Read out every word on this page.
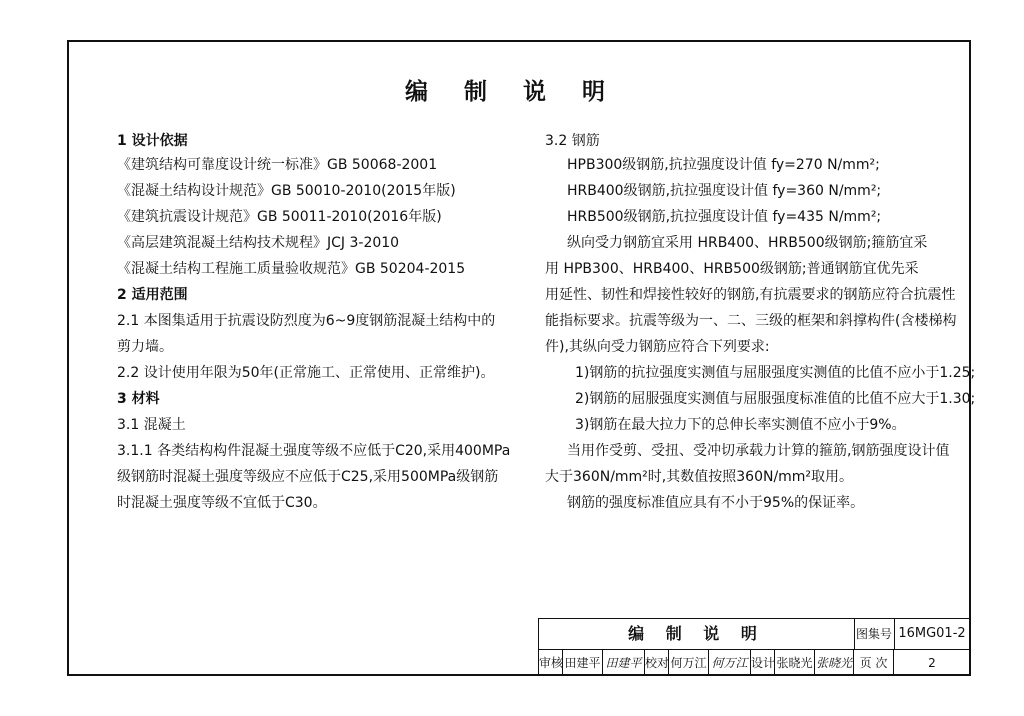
编 制 说 明
1 设计依据
《建筑结构可靠度设计统一标准》GB 50068-2001
《混凝土结构设计规范》GB 50010-2010(2015年版)
《建筑抗震设计规范》GB 50011-2010(2016年版)
《高层建筑混凝土结构技术规程》JCJ 3-2010
《混凝土结构工程施工质量验收规范》GB 50204-2015
2 适用范围
2.1 本图集适用于抗震设防烈度为6~9度钢筋混凝土结构中的
剪力墙。
2.2 设计使用年限为50年(正常施工、正常使用、正常维护)。
3 材料
3.1 混凝土
3.1.1 各类结构构件混凝土强度等级不应低于C20,采用400MPa
级钢筋时混凝土强度等级应不应低于C25,采用500MPa级钢筋
时混凝土强度等级不宜低于C30。
3.2 钢筋
HPB300级钢筋,抗拉强度设计值 fy=270 N/mm²;
HRB400级钢筋,抗拉强度设计值 fy=360 N/mm²;
HRB500级钢筋,抗拉强度设计值 fy=435 N/mm²;
纵向受力钢筋宜采用 HRB400、HRB500级钢筋;箍筋宜采
用 HPB300、HRB400、HRB500级钢筋;普通钢筋宜优先采
用延性、韧性和焊接性较好的钢筋,有抗震要求的钢筋应符合抗震性
能指标要求。抗震等级为一、二、三级的框架和斜撑构件(含楼梯构
件),其纵向受力钢筋应符合下列要求:
1)钢筋的抗拉强度实测值与屈服强度实测值的比值不应小于1.25;
2)钢筋的屈服强度实测值与屈服强度标准值的比值不应大于1.30;
3)钢筋在最大拉力下的总伸长率实测值不应小于9%。
当用作受剪、受扭、受冲切承载力计算的箍筋,钢筋强度设计值
大于360N/mm²时,其数值按照360N/mm²取用。
钢筋的强度标准值应具有不小于95%的保证率。
编 制 说 明	图集号 16MG01-2
审核 田建平 田建平 校对 何万江 何万江 设计 张晓光 张晓光 页 次	2
